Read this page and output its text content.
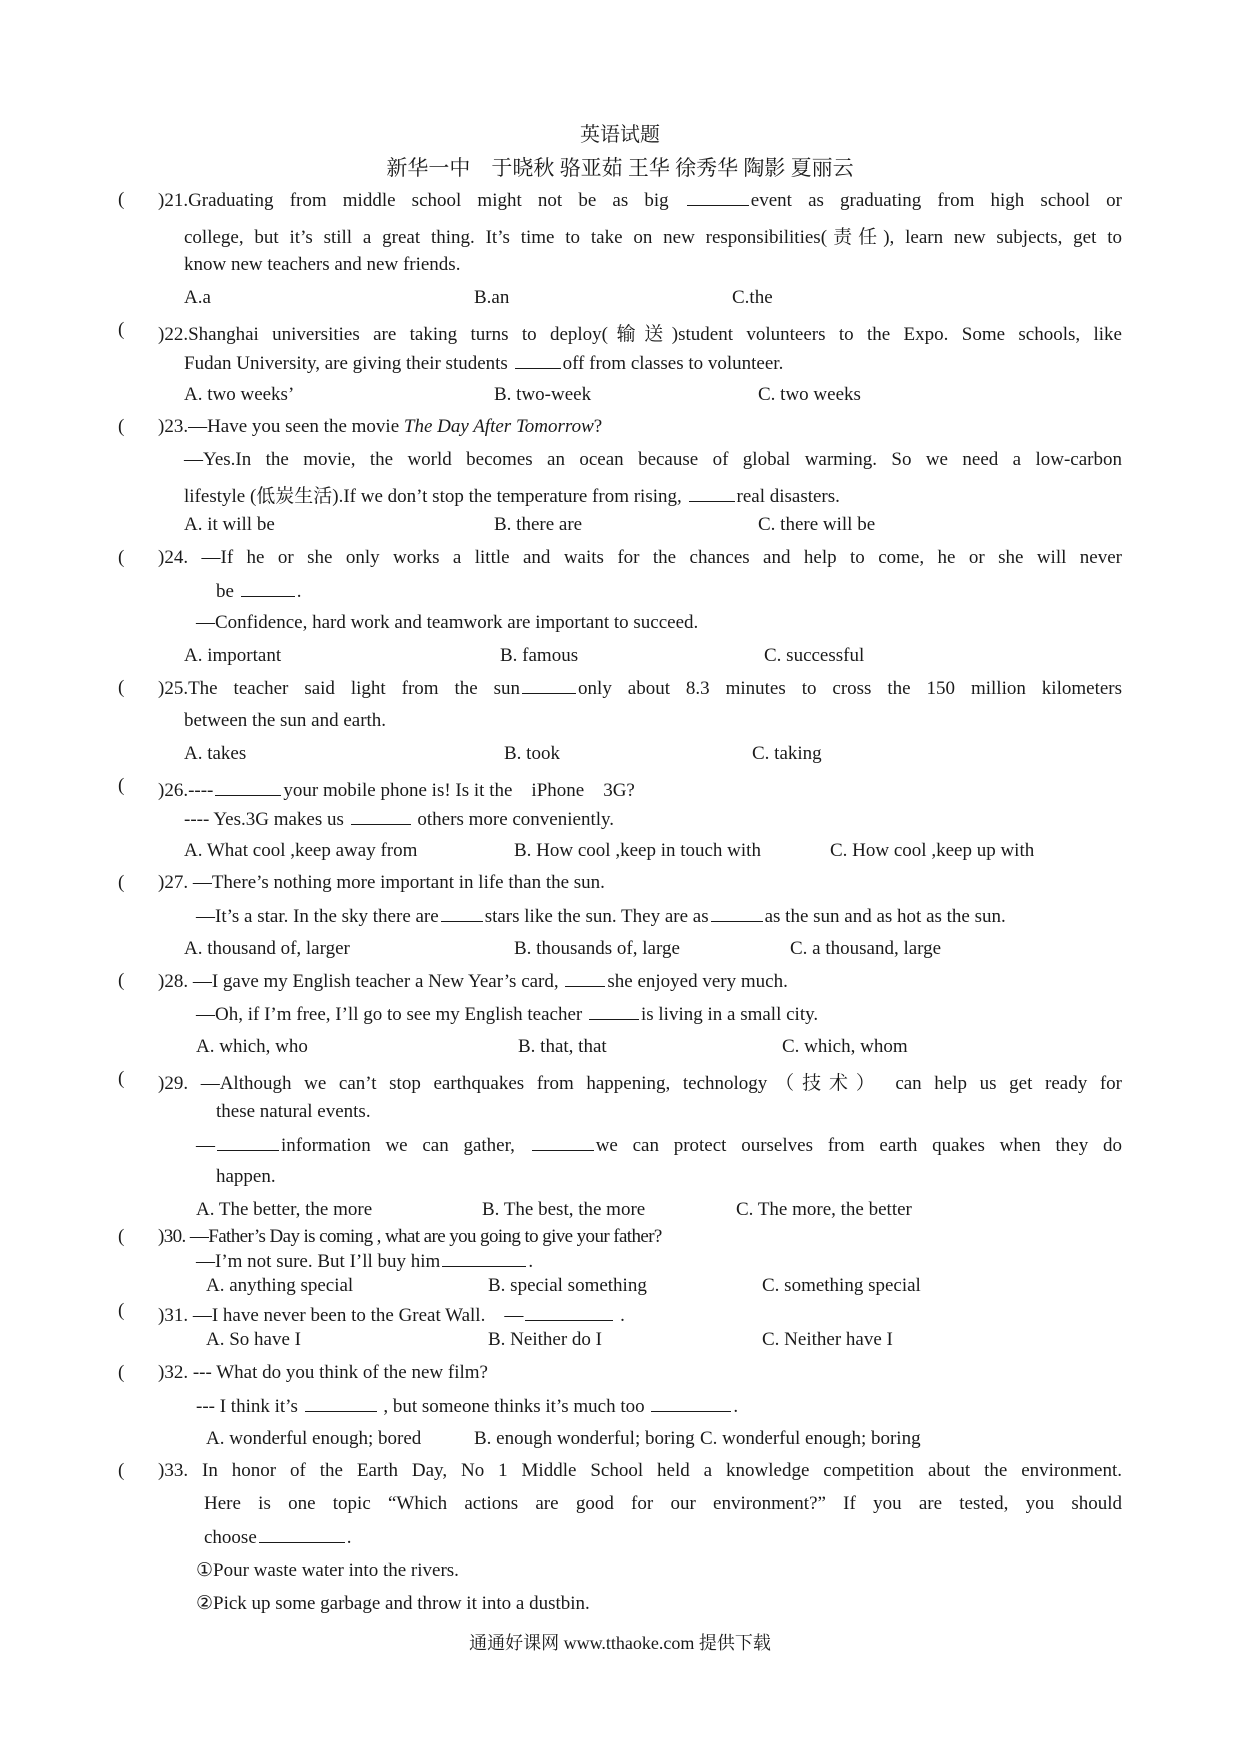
英语试题
新华一中　于晓秋 骆亚茹 王华 徐秀华 陶影 夏丽云
( )21.Graduating from middle school might not be as big	event as graduating from high school or
college, but it’s still a great thing. It’s time to take on new responsibilities(责任), learn new subjects, get to
know new teachers and new friends.
A.a	B.an	C.the
( )22.Shanghai universities are taking turns to deploy(输送)student volunteers to the Expo. Some schools, like
Fudan University, are giving their students	off from classes to volunteer.
A. two weeks’	B. two-week	C. two weeks
( )23.—Have you seen the movie The Day After Tomorrow?
—Yes.In the movie, the world becomes an ocean because of global warming. So we need a low-carbon
lifestyle (低炭生活).If we don’t stop the temperature from rising,	real disasters.
A. it will be	B. there are	C. there will be
( )24. —If he or she only works a little and waits for the chances and help to come, he or she will never
be	.
—Confidence, hard work and teamwork are important to succeed.
A. important	B. famous	C. successful
( )25.The teacher said light from the sun	only about 8.3 minutes to cross the 150 million kilometers
between the sun and earth.
A. takes	B. took	C. taking
( )26.----	your mobile phone is! Is it the　iPhone　3G?
---- Yes.3G makes us	others more conveniently.
A. What cool ,keep away from	B. How cool ,keep in touch with	C. How cool ,keep up with
( )27. —There’s nothing more important in life than the sun.
—It’s a star. In the sky there are stars like the sun. They are as	as the sun and as hot as the sun.
A. thousand of, larger	B. thousands of, large	C. a thousand, large
( )28. —I gave my English teacher a New Year’s card, she enjoyed very much.
—Oh, if I’m free, I’ll go to see my English teacher	is living in a small city.
A. which, who	B. that, that	C. which, whom
( )29. —Although we can’t stop earthquakes from happening, technology（技术） can help us get ready for
these natural events.
—	information we can gather,	we can protect ourselves from earth quakes when they do
happen.
A. The better, the more	B. The best, the more	C. The more, the better
( )30. —Father’s Day is coming , what are you going to give your father?
—I’m not sure. But I’ll buy him	.
A. anything special	B. special something	C. something special
( )31. —I have never been to the Great Wall.　—	.
A. So have I	B. Neither do I	C. Neither have I
( )32. --- What do you think of the new film?
--- I think it’s	, but someone thinks it’s much too	.
A. wonderful enough; bored	B. enough wonderful; boring C. wonderful enough; boring
( )33. In honor of the Earth Day, No 1 Middle School held a knowledge competition about the environment.
Here is one topic “Which actions are good for our environment?” If you are tested, you should
choose	.
①Pour waste water into the rivers.
②Pick up some garbage and throw it into a dustbin.
通通好课网 www.tthaoke.com 提供下载
